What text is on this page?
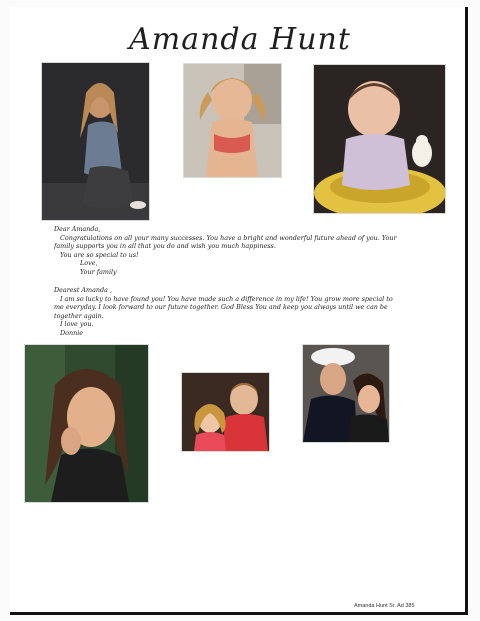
Amanda Hunt
Dear Amanda,
Congratulations on all your many successes. You have a bright and wonderful future ahead of you. Your
family supports you in all that you do and wish you much happiness.
You are so special to us!
Love,
Your family
Dearest Amanda ,
I am so lucky to have found you! You have made such a difference in my life! You grow more special to
me everyday. I look forward to our future together. God Bless You and keep you always until we can be
together again.
I love you.
Donnie
Amanda Hunt Sr. Ad 385
